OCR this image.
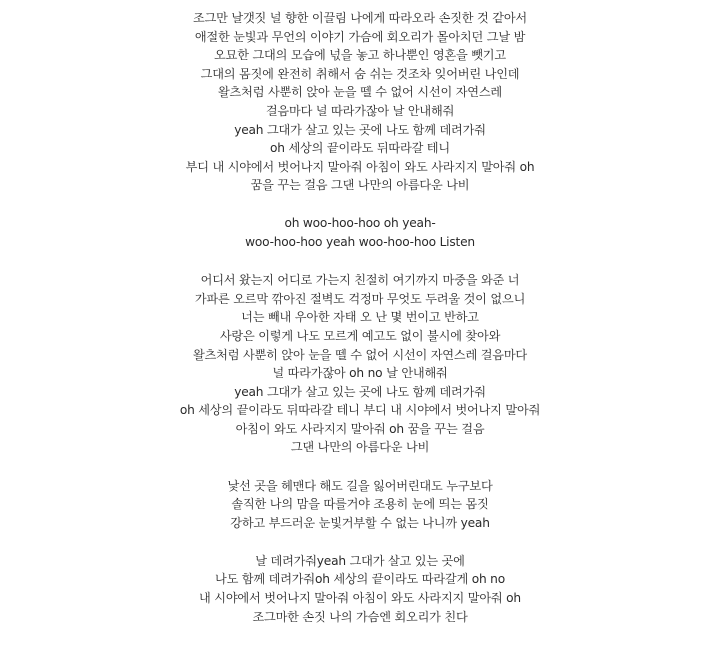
조그만 날갯짓 널 향한 이끌림 나에게 따라오라 손짓한 것 같아서
애절한 눈빛과 무언의 이야기 가슴에 회오리가 몰아치던 그날 밤
오묘한 그대의 모습에 넋을 놓고 하나뿐인 영혼을 뺏기고
그대의 몸짓에 완전히 취해서 숨 쉬는 것조차 잊어버린 나인데
왈츠처럼 사뿐히 앉아 눈을 뗄 수 없어 시선이 자연스레
걸음마다 널 따라가잖아 날 안내해줘
yeah 그대가 살고 있는 곳에 나도 함께 데려가줘
oh 세상의 끝이라도 뒤따라갈 테니
부디 내 시야에서 벗어나지 말아줘 아침이 와도 사라지지 말아줘 oh
꿈을 꾸는 걸음 그댄 나만의 아름다운 나비
oh woo-hoo-hoo oh yeah-
woo-hoo-hoo yeah woo-hoo-hoo Listen
어디서 왔는지 어디로 가는지 친절히 여기까지 마중을 와준 너
가파른 오르막 깎아진 절벽도 걱정마 무엇도 두려울 것이 없으니
너는 빼내 우아한 자태 오 난 몇 번이고 반하고
사랑은 이렇게 나도 모르게 예고도 없이 불시에 찾아와
왈츠처럼 사뿐히 앉아 눈을 뗄 수 없어 시선이 자연스레 걸음마다
널 따라가잖아 oh no 날 안내해줘
yeah 그대가 살고 있는 곳에 나도 함께 데려가줘
oh 세상의 끝이라도 뒤따라갈 테니 부디 내 시야에서 벗어나지 말아줘
아침이 와도 사라지지 말아줘 oh 꿈을 꾸는 걸음
그댄 나만의 아름다운 나비
낯선 곳을 헤맨다 해도 길을 잃어버린대도 누구보다
솔직한 나의 맘을 따를거야 조용히 눈에 띄는 몸짓
강하고 부드러운 눈빛거부할 수 없는 나니까 yeah
날 데려가줘yeah 그대가 살고 있는 곳에
나도 함께 데려가줘oh 세상의 끝이라도 따라갈게 oh no
내 시야에서 벗어나지 말아줘 아침이 와도 사라지지 말아줘 oh
조그마한 손짓 나의 가슴엔 회오리가 친다
